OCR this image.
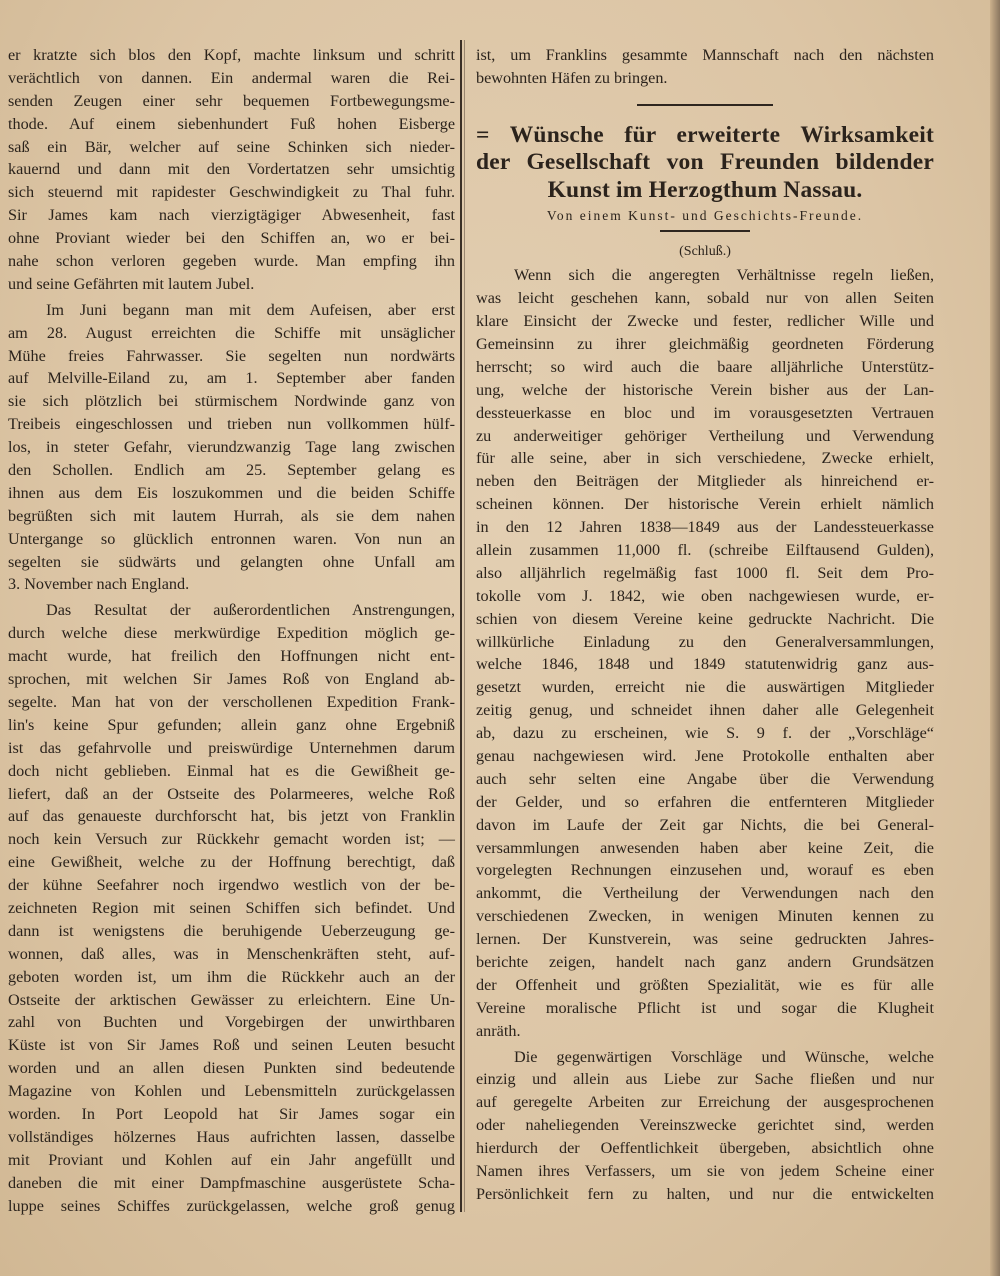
er kratzte sich blos den Kopf, machte linksum und schritt
verächtlich von dannen. Ein andermal waren die Rei-
senden Zeugen einer sehr bequemen Fortbewegungsme-
thode. Auf einem siebenhundert Fuß hohen Eisberge
saß ein Bär, welcher auf seine Schinken sich nieder-
kauernd und dann mit den Vordertatzen sehr umsichtig
sich steuernd mit rapidester Geschwindigkeit zu Thal fuhr.
Sir James kam nach vierzigtägiger Abwesenheit, fast
ohne Proviant wieder bei den Schiffen an, wo er bei-
nahe schon verloren gegeben wurde. Man empfing ihn
und seine Gefährten mit lautem Jubel.
Im Juni begann man mit dem Aufeisen, aber erst
am 28. August erreichten die Schiffe mit unsäglicher
Mühe freies Fahrwasser. Sie segelten nun nordwärts
auf Melville-Eiland zu, am 1. September aber fanden
sie sich plötzlich bei stürmischem Nordwinde ganz von
Treibeis eingeschlossen und trieben nun vollkommen hülf-
los, in steter Gefahr, vierundzwanzig Tage lang zwischen
den Schollen. Endlich am 25. September gelang es
ihnen aus dem Eis loszukommen und die beiden Schiffe
begrüßten sich mit lautem Hurrah, als sie dem nahen
Untergange so glücklich entronnen waren. Von nun an
segelten sie südwärts und gelangten ohne Unfall am
3. November nach England.
Das Resultat der außerordentlichen Anstrengungen,
durch welche diese merkwürdige Expedition möglich ge-
macht wurde, hat freilich den Hoffnungen nicht ent-
sprochen, mit welchen Sir James Roß von England ab-
segelte. Man hat von der verschollenen Expedition Frank-
lin's keine Spur gefunden; allein ganz ohne Ergebniß
ist das gefahrvolle und preiswürdige Unternehmen darum
doch nicht geblieben. Einmal hat es die Gewißheit ge-
liefert, daß an der Ostseite des Polarmeeres, welche Roß
auf das genaueste durchforscht hat, bis jetzt von Franklin
noch kein Versuch zur Rückkehr gemacht worden ist; —
eine Gewißheit, welche zu der Hoffnung berechtigt, daß
der kühne Seefahrer noch irgendwo westlich von der be-
zeichneten Region mit seinen Schiffen sich befindet. Und
dann ist wenigstens die beruhigende Ueberzeugung ge-
wonnen, daß alles, was in Menschenkräften steht, auf-
geboten worden ist, um ihm die Rückkehr auch an der
Ostseite der arktischen Gewässer zu erleichtern. Eine Un-
zahl von Buchten und Vorgebirgen der unwirthbaren
Küste ist von Sir James Roß und seinen Leuten besucht
worden und an allen diesen Punkten sind bedeutende
Magazine von Kohlen und Lebensmitteln zurückgelassen
worden. In Port Leopold hat Sir James sogar ein
vollständiges hölzernes Haus aufrichten lassen, dasselbe
mit Proviant und Kohlen auf ein Jahr angefüllt und
daneben die mit einer Dampfmaschine ausgerüstete Scha-
luppe seines Schiffes zurückgelassen, welche groß genug
ist, um Franklins gesammte Mannschaft nach den nächsten
bewohnten Häfen zu bringen.
= Wünsche für erweiterte Wirksamkeit
der Gesellschaft von Freunden bildender
Kunst im Herzogthum Nassau.
Von einem Kunst- und Geschichts-Freunde.
(Schluß.)
Wenn sich die angeregten Verhältnisse regeln ließen,
was leicht geschehen kann, sobald nur von allen Seiten
klare Einsicht der Zwecke und fester, redlicher Wille und
Gemeinsinn zu ihrer gleichmäßig geordneten Förderung
herrscht; so wird auch die baare alljährliche Unterstütz-
ung, welche der historische Verein bisher aus der Lan-
dessteuerkasse en bloc und im vorausgesetzten Vertrauen
zu anderweitiger gehöriger Vertheilung und Verwendung
für alle seine, aber in sich verschiedene, Zwecke erhielt,
neben den Beiträgen der Mitglieder als hinreichend er-
scheinen können. Der historische Verein erhielt nämlich
in den 12 Jahren 1838—1849 aus der Landessteuerkasse
allein zusammen 11,000 fl. (schreibe Eilftausend Gulden),
also alljährlich regelmäßig fast 1000 fl. Seit dem Pro-
tokolle vom J. 1842, wie oben nachgewiesen wurde, er-
schien von diesem Vereine keine gedruckte Nachricht. Die
willkürliche Einladung zu den Generalversammlungen,
welche 1846, 1848 und 1849 statutenwidrig ganz aus-
gesetzt wurden, erreicht nie die auswärtigen Mitglieder
zeitig genug, und schneidet ihnen daher alle Gelegenheit
ab, dazu zu erscheinen, wie S. 9 f. der „Vorschläge“
genau nachgewiesen wird. Jene Protokolle enthalten aber
auch sehr selten eine Angabe über die Verwendung
der Gelder, und so erfahren die entfernteren Mitglieder
davon im Laufe der Zeit gar Nichts, die bei General-
versammlungen anwesenden haben aber keine Zeit, die
vorgelegten Rechnungen einzusehen und, worauf es eben
ankommt, die Vertheilung der Verwendungen nach den
verschiedenen Zwecken, in wenigen Minuten kennen zu
lernen. Der Kunstverein, was seine gedruckten Jahres-
berichte zeigen, handelt nach ganz andern Grundsätzen
der Offenheit und größten Spezialität, wie es für alle
Vereine moralische Pflicht ist und sogar die Klugheit
anräth.
Die gegenwärtigen Vorschläge und Wünsche, welche
einzig und allein aus Liebe zur Sache fließen und nur
auf geregelte Arbeiten zur Erreichung der ausgesprochenen
oder naheliegenden Vereinszwecke gerichtet sind, werden
hierdurch der Oeffentlichkeit übergeben, absichtlich ohne
Namen ihres Verfassers, um sie von jedem Scheine einer
Persönlichkeit fern zu halten, und nur die entwickelten
